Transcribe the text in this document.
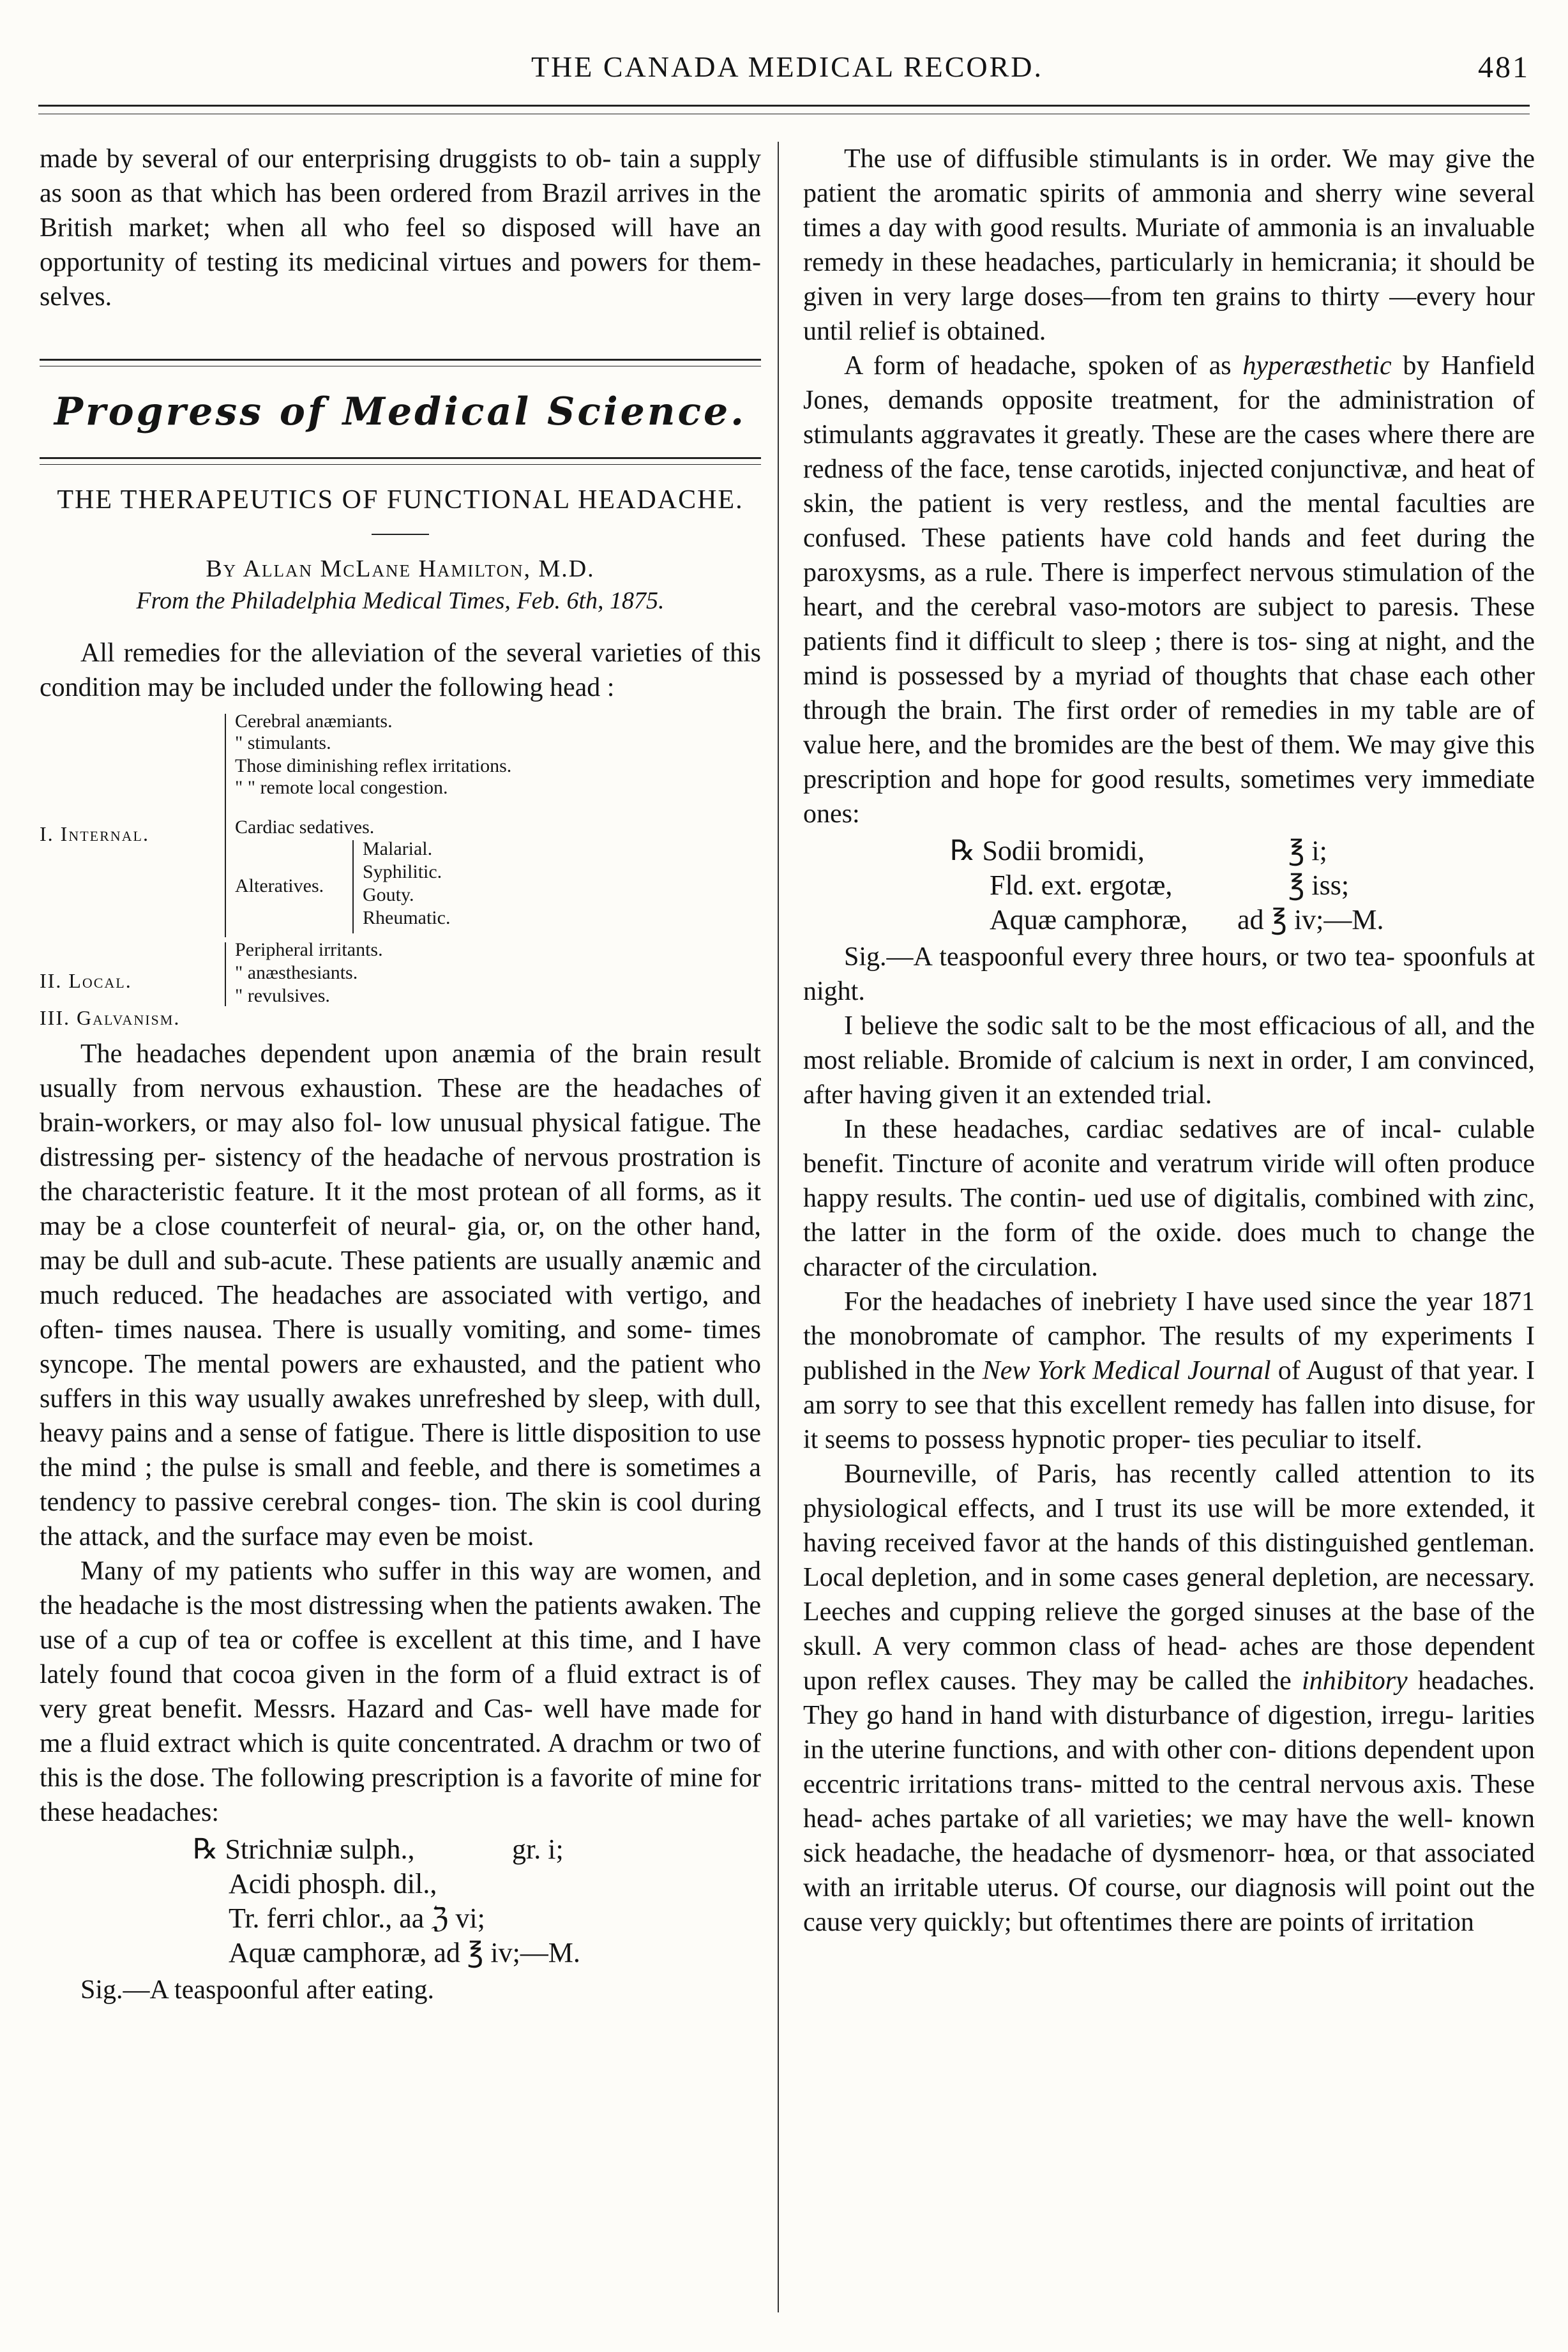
THE CANADA MEDICAL RECORD.	481

made by several of our enterprising druggists to ob- tain a supply as soon as that which has been ordered from Brazil arrives in the British market; when all who feel so disposed will have an opportunity of testing its medicinal virtues and powers for them- selves.

Progress of Medical Science.
THE THERAPEUTICS OF FUNCTIONAL HEADACHE.
By Allan McLane Hamilton, M.D.
From the Philadelphia Medical Times, Feb. 6th, 1875.

All remedies for the alleviation of the several varieties of this condition may be included under the following head :

I. Internal.
Cerebral anæmiants.
" stimulants.
Those diminishing reflex irritations.
" " remote local congestion.
Cardiac sedatives.
Alteratives.
Malarial.
Syphilitic.
Gouty.
Rheumatic.
II. Local.
Peripheral irritants.
" anæsthesiants.
" revulsives.
III. Galvanism.

The headaches dependent upon anæmia of the brain result usually from nervous exhaustion. These are the headaches of brain-workers, or may also fol- low unusual physical fatigue. The distressing per- sistency of the headache of nervous prostration is the characteristic feature. It it the most protean of all forms, as it may be a close counterfeit of neural- gia, or, on the other hand, may be dull and sub-acute. These patients are usually anæmic and much reduced. The headaches are associated with vertigo, and often- times nausea. There is usually vomiting, and some- times syncope. The mental powers are exhausted, and the patient who suffers in this way usually awakes unrefreshed by sleep, with dull, heavy pains and a sense of fatigue. There is little disposition to use the mind ; the pulse is small and feeble, and there is sometimes a tendency to passive cerebral conges- tion. The skin is cool during the attack, and the surface may even be moist.

Many of my patients who suffer in this way are women, and the headache is the most distressing when the patients awaken. The use of a cup of tea or coffee is excellent at this time, and I have lately found that cocoa given in the form of a fluid extract is of very great benefit. Messrs. Hazard and Cas- well have made for me a fluid extract which is quite concentrated. A drachm or two of this is the dose. The following prescription is a favorite of mine for these headaches:

℞ Strichniæ sulph.,	gr. i;
Acidi phosph. dil.,
Tr. ferri chlor., aa ℨ vi;
Aquæ camphoræ, ad ℥ iv;—M.

Sig.—A teaspoonful after eating.

The use of diffusible stimulants is in order. We may give the patient the aromatic spirits of ammonia and sherry wine several times a day with good results. Muriate of ammonia is an invaluable remedy in these headaches, particularly in hemicrania; it should be given in very large doses—from ten grains to thirty —every hour until relief is obtained.

A form of headache, spoken of as hyperæsthetic by Hanfield Jones, demands opposite treatment, for the administration of stimulants aggravates it greatly. These are the cases where there are redness of the face, tense carotids, injected conjunctivæ, and heat of skin, the patient is very restless, and the mental faculties are confused. These patients have cold hands and feet during the paroxysms, as a rule. There is imperfect nervous stimulation of the heart, and the cerebral vaso-motors are subject to paresis. These patients find it difficult to sleep ; there is tos- sing at night, and the mind is possessed by a myriad of thoughts that chase each other through the brain. The first order of remedies in my table are of value here, and the bromides are the best of them. We may give this prescription and hope for good results, sometimes very immediate ones:

℞ Sodii bromidi,	℥ i;
Fld. ext. ergotæ,	℥ iss;
Aquæ camphoræ, ad ℥ iv;—M.

Sig.—A teaspoonful every three hours, or two tea- spoonfuls at night.

I believe the sodic salt to be the most efficacious of all, and the most reliable. Bromide of calcium is next in order, I am convinced, after having given it an extended trial.

In these headaches, cardiac sedatives are of incal- culable benefit. Tincture of aconite and veratrum viride will often produce happy results. The contin- ued use of digitalis, combined with zinc, the latter in the form of the oxide. does much to change the character of the circulation.

For the headaches of inebriety I have used since the year 1871 the monobromate of camphor. The results of my experiments I published in the New York Medical Journal of August of that year. I am sorry to see that this excellent remedy has fallen into disuse, for it seems to possess hypnotic proper- ties peculiar to itself.

Bourneville, of Paris, has recently called attention to its physiological effects, and I trust its use will be more extended, it having received favor at the hands of this distinguished gentleman. Local depletion, and in some cases general depletion, are necessary. Leeches and cupping relieve the gorged sinuses at the base of the skull. A very common class of head- aches are those dependent upon reflex causes. They may be called the inhibitory headaches. They go hand in hand with disturbance of digestion, irregu- larities in the uterine functions, and with other con- ditions dependent upon eccentric irritations trans- mitted to the central nervous axis. These head- aches partake of all varieties; we may have the well- known sick headache, the headache of dysmenorr- hœa, or that associated with an irritable uterus. Of course, our diagnosis will point out the cause very quickly; but oftentimes there are points of irritation
